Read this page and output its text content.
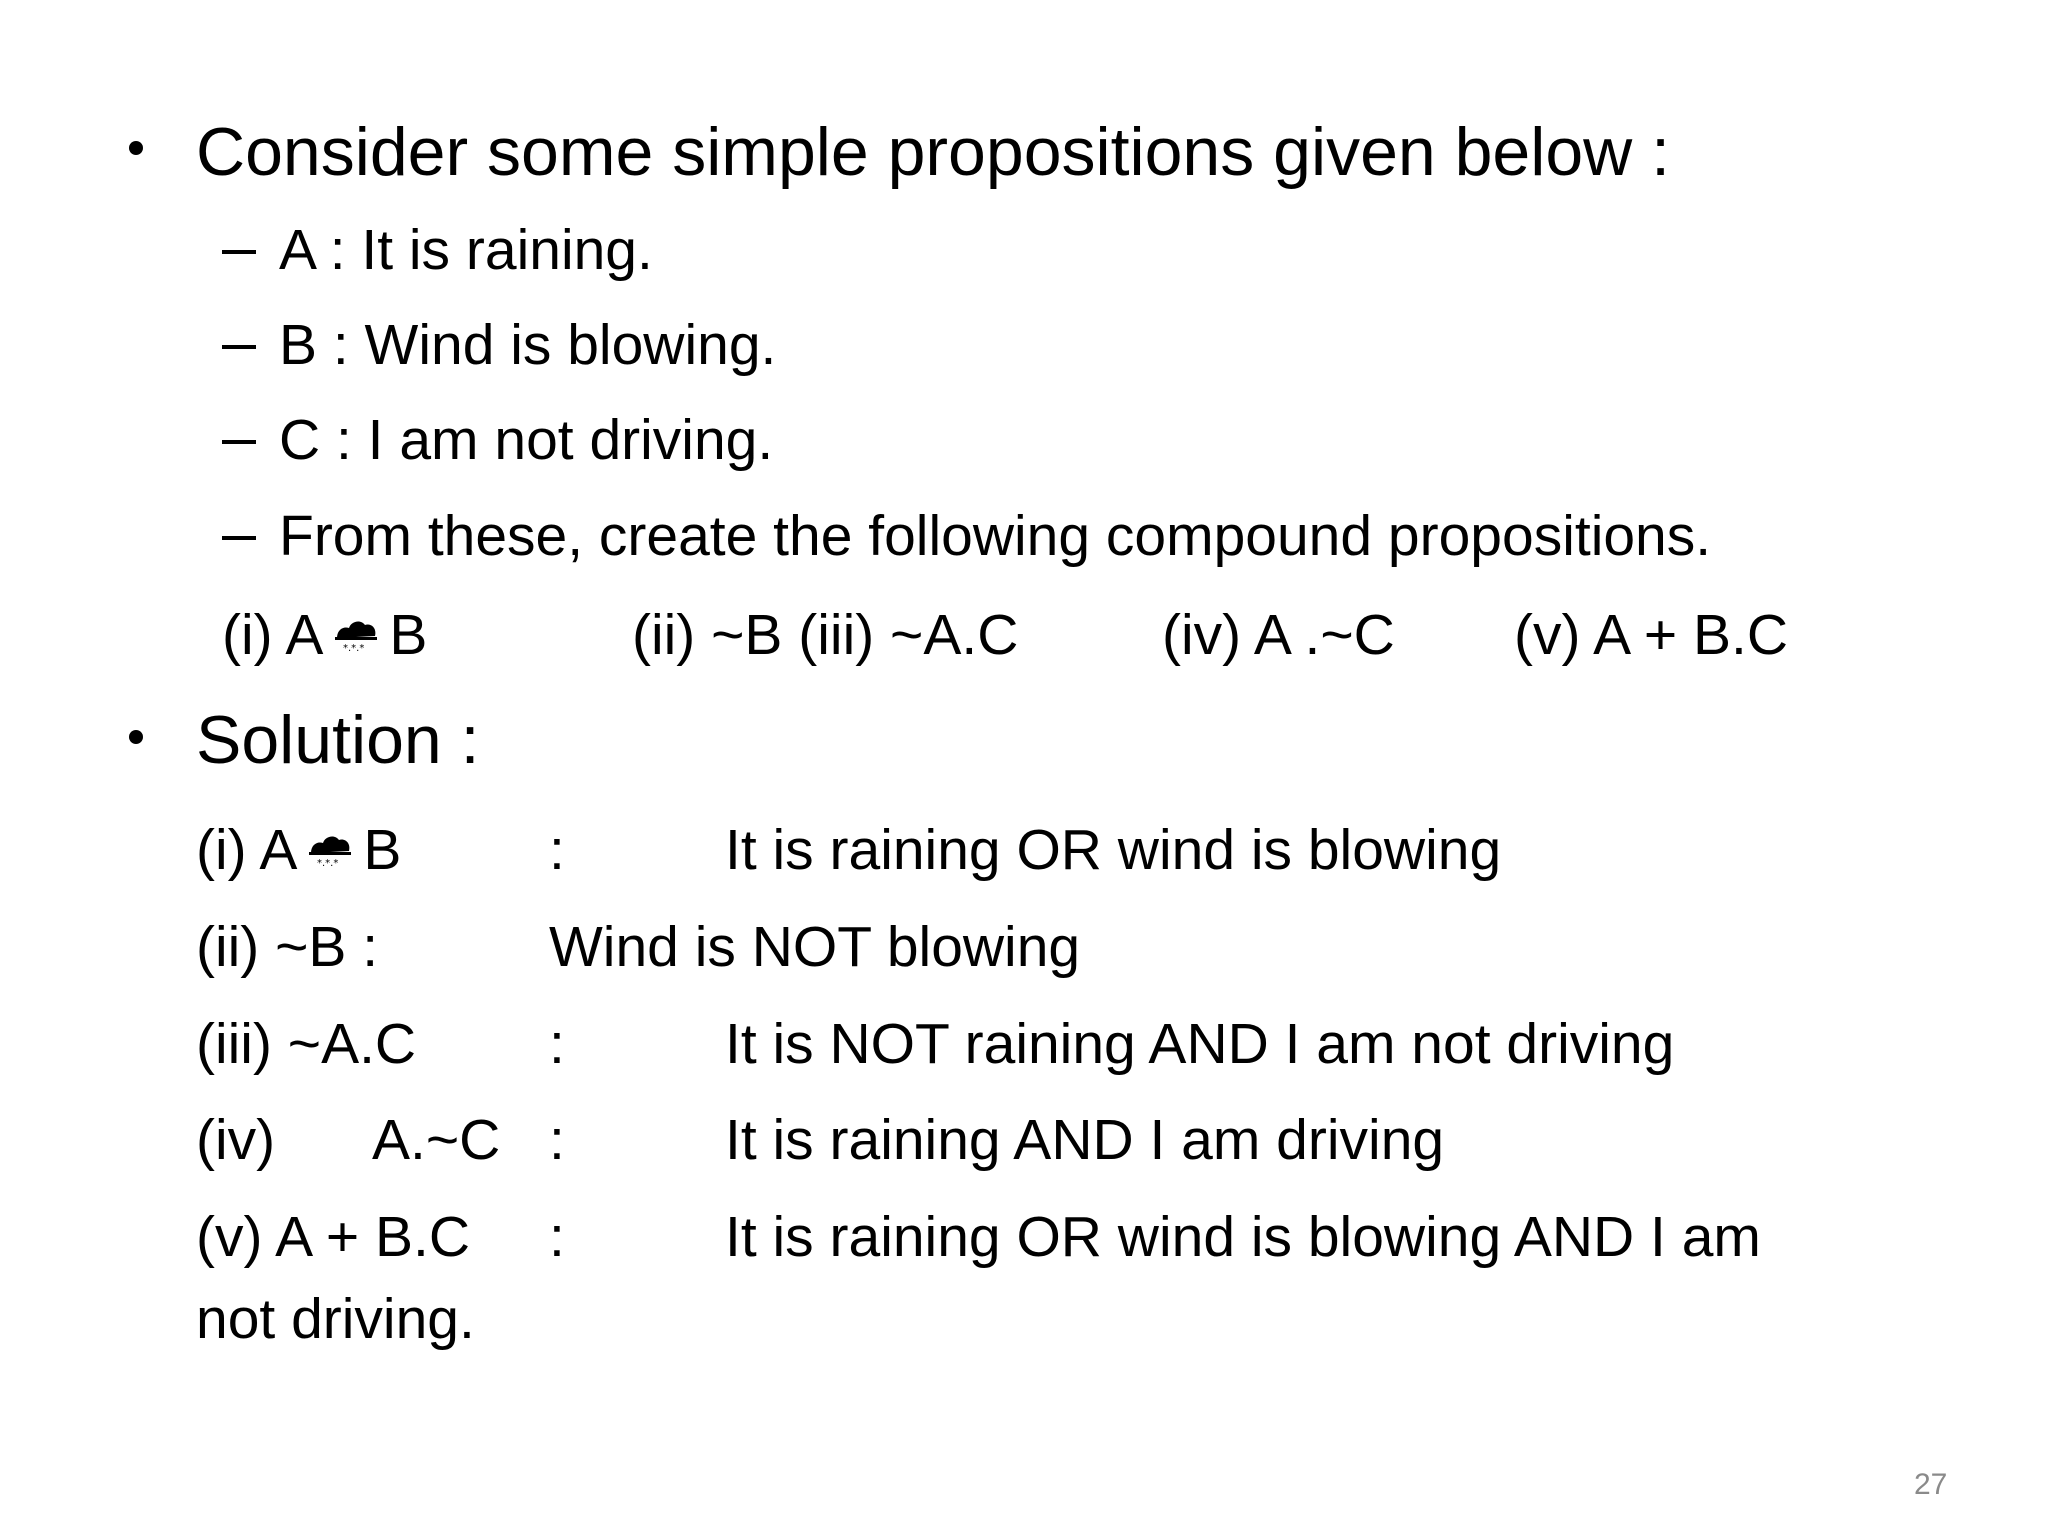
Consider some simple propositions given below :
A : It is raining.
B : Wind is blowing.
C : I am not driving.
From these, create the following compound propositions.
(i) A *.*.* B	(ii) ~B (iii) ~A.C	(iv) A .~C (v) A + B.C
Solution :
(i) A *.*.* B	:	It is raining OR wind is blowing
(ii) ~B :	Wind is NOT blowing
(iii) ~A.C :	It is NOT raining AND I am not driving
(iv) A.~C :	It is raining AND I am driving
(v) A + B.C :	It is raining OR wind is blowing AND I am
not driving.
27
